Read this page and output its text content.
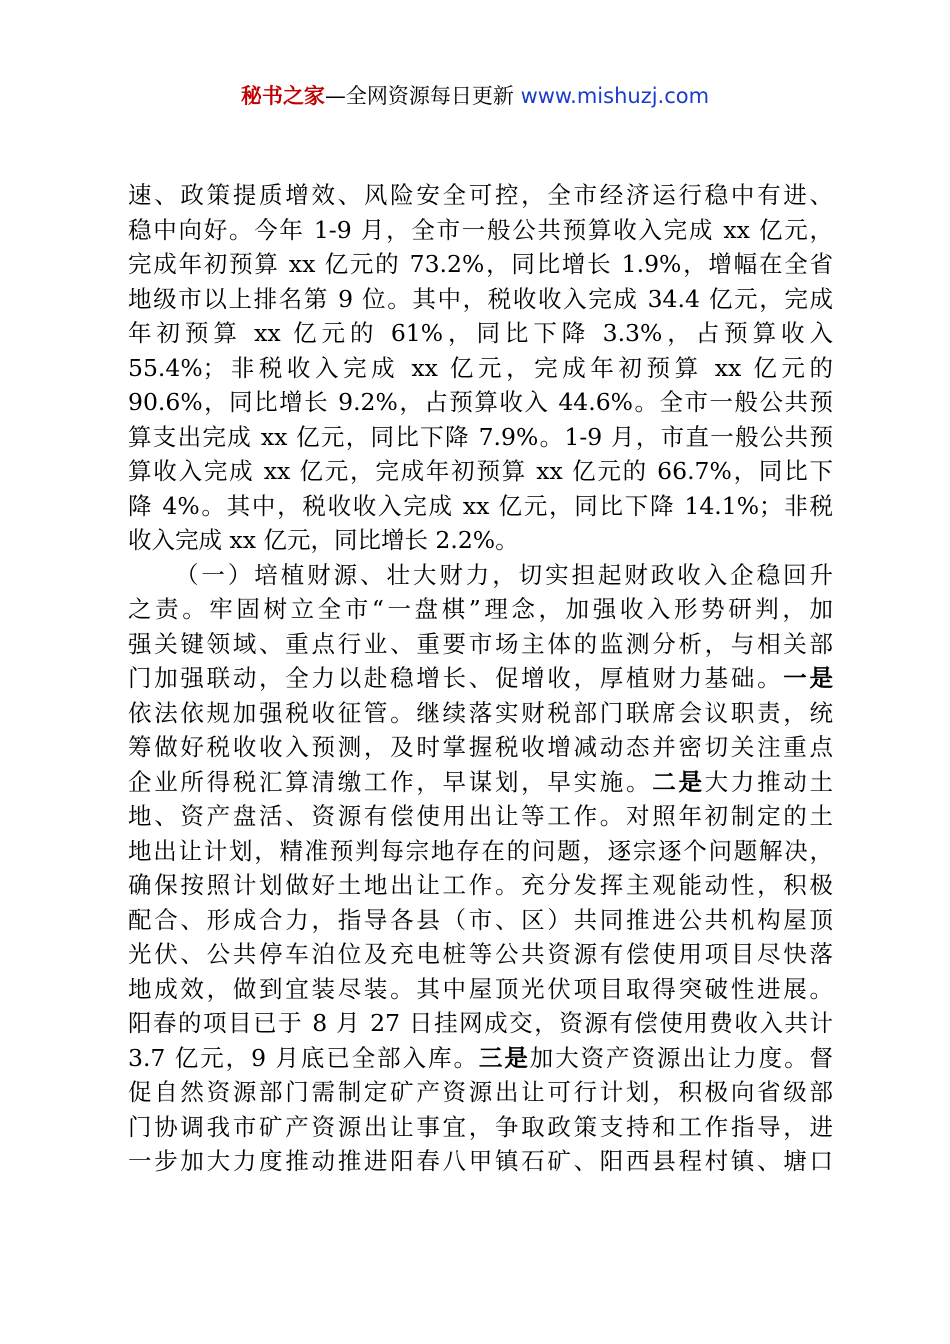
秘书之家—全网资源每日更新 www.mishuzj.com
速、政策提质增效、风险安全可控，全市经济运行稳中有进、
稳中向好。今年 1-9 月，全市一般公共预算收入完成 xx 亿元，
完成年初预算 xx 亿元的 73.2%，同比增长 1.9%，增幅在全省
地级市以上排名第 9 位。其中，税收收入完成 34.4 亿元，完成
年初预算 xx 亿元的 61%，同比下降 3.3%，占预算收入
55.4%；非税收入完成 xx 亿元，完成年初预算 xx 亿元的
90.6%，同比增长 9.2%，占预算收入 44.6%。全市一般公共预
算支出完成 xx 亿元，同比下降 7.9%。1-9 月，市直一般公共预
算收入完成 xx 亿元，完成年初预算 xx 亿元的 66.7%，同比下
降 4%。其中，税收收入完成 xx 亿元，同比下降 14.1%；非税
收入完成 xx 亿元，同比增长 2.2%。
（一）培植财源、壮大财力，切实担起财政收入企稳回升
之责。牢固树立全市“一盘棋”理念，加强收入形势研判，加
强关键领域、重点行业、重要市场主体的监测分析，与相关部
门加强联动，全力以赴稳增长、促增收，厚植财力基础。一是
依法依规加强税收征管。继续落实财税部门联席会议职责，统
筹做好税收收入预测，及时掌握税收增减动态并密切关注重点
企业所得税汇算清缴工作，早谋划，早实施。二是大力推动土
地、资产盘活、资源有偿使用出让等工作。对照年初制定的土
地出让计划，精准预判每宗地存在的问题，逐宗逐个问题解决，
确保按照计划做好土地出让工作。充分发挥主观能动性，积极
配合、形成合力，指导各县（市、区）共同推进公共机构屋顶
光伏、公共停车泊位及充电桩等公共资源有偿使用项目尽快落
地成效，做到宜装尽装。其中屋顶光伏项目取得突破性进展。
阳春的项目已于 8 月 27 日挂网成交，资源有偿使用费收入共计
3.7 亿元，9 月底已全部入库。三是加大资产资源出让力度。督
促自然资源部门需制定矿产资源出让可行计划，积极向省级部
门协调我市矿产资源出让事宜，争取政策支持和工作指导，进
一步加大力度推动推进阳春八甲镇石矿、阳西县程村镇、塘口
